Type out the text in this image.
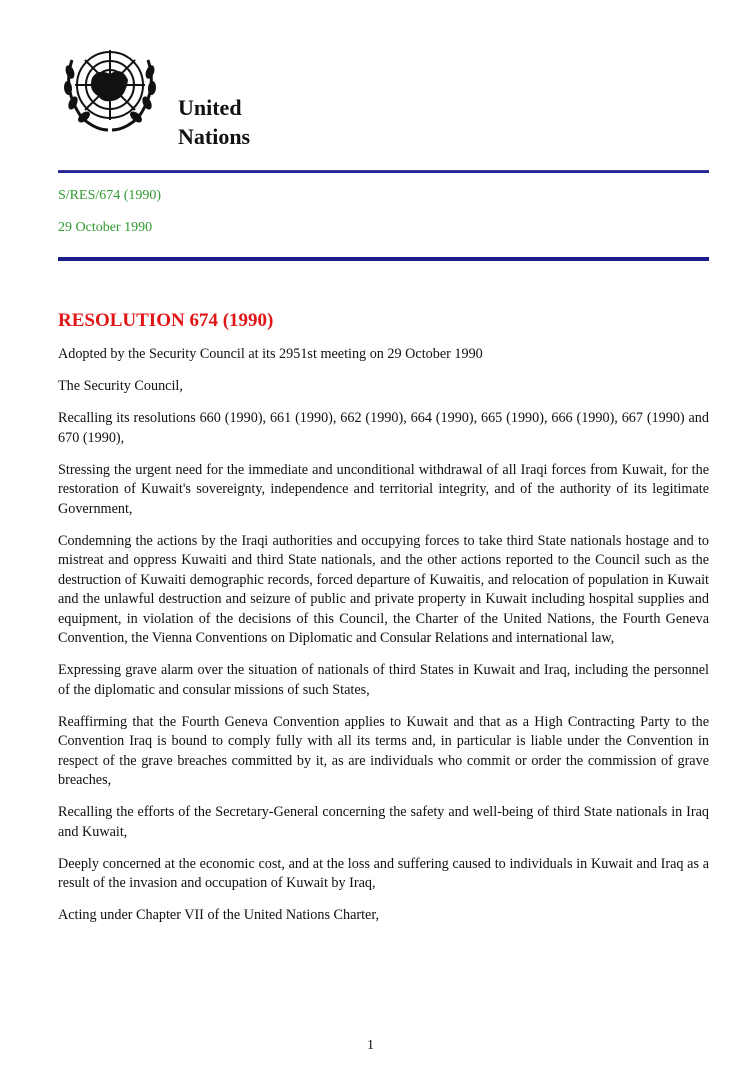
United
Nations
S/RES/674 (1990)
29 October 1990
RESOLUTION 674 (1990)

Adopted by the Security Council at its 2951st meeting on 29 October 1990

The Security Council,

Recalling its resolutions 660 (1990), 661 (1990), 662 (1990), 664 (1990), 665 (1990), 666 (1990), 667 (1990) and 670 (1990),

Stressing the urgent need for the immediate and unconditional withdrawal of all Iraqi forces from Kuwait, for the restoration of Kuwait's sovereignty, independence and territorial integrity, and of the authority of its legitimate Government,

Condemning the actions by the Iraqi authorities and occupying forces to take third State nationals hostage and to mistreat and oppress Kuwaiti and third State nationals, and the other actions reported to the Council such as the destruction of Kuwaiti demographic records, forced departure of Kuwaitis, and relocation of population in Kuwait and the unlawful destruction and seizure of public and private property in Kuwait including hospital supplies and equipment, in violation of the decisions of this Council, the Charter of the United Nations, the Fourth Geneva Convention, the Vienna Conventions on Diplomatic and Consular Relations and international law,

Expressing grave alarm over the situation of nationals of third States in Kuwait and Iraq, including the personnel of the diplomatic and consular missions of such States,

Reaffirming that the Fourth Geneva Convention applies to Kuwait and that as a High Contracting Party to the Convention Iraq is bound to comply fully with all its terms and, in particular is liable under the Convention in respect of the grave breaches committed by it, as are individuals who commit or order the commission of grave breaches,

Recalling the efforts of the Secretary-General concerning the safety and well-being of third State nationals in Iraq and Kuwait,

Deeply concerned at the economic cost, and at the loss and suffering caused to individuals in Kuwait and Iraq as a result of the invasion and occupation of Kuwait by Iraq,

Acting under Chapter VII of the United Nations Charter,

1
